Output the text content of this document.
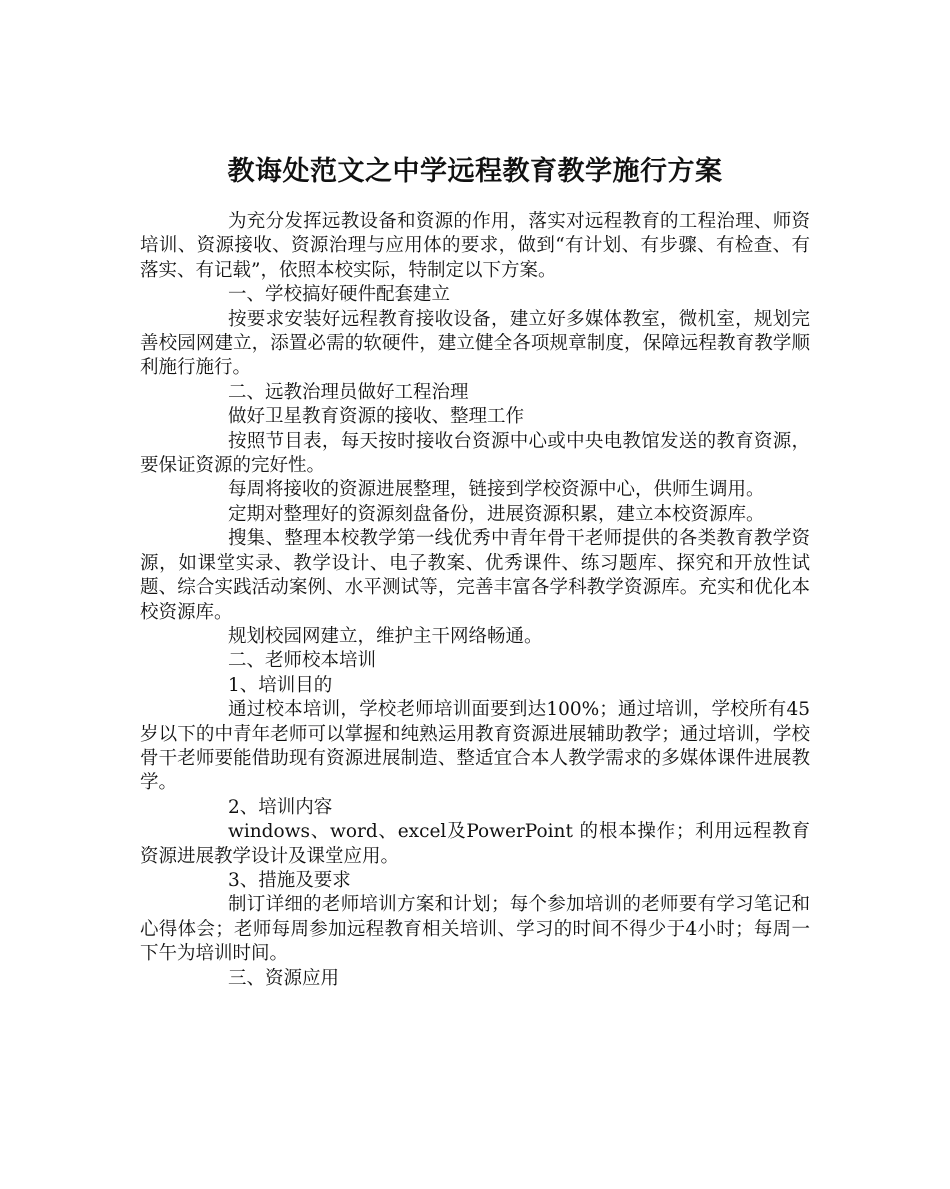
教诲处范文之中学远程教育教学施行方案

为充分发挥远教设备和资源的作用，落实对远程教育的工程治理、师资培训、资源接收、资源治理与应用体的要求，做到“有计划、有步骤、有检查、有落实、有记载”，依照本校实际，特制定以下方案。

一、学校搞好硬件配套建立

按要求安装好远程教育接收设备，建立好多媒体教室，微机室，规划完善校园网建立，添置必需的软硬件，建立健全各项规章制度，保障远程教育教学顺利施行施行。

二、远教治理员做好工程治理

做好卫星教育资源的接收、整理工作

按照节目表，每天按时接收台资源中心或中央电教馆发送的教育资源，要保证资源的完好性。

每周将接收的资源进展整理，链接到学校资源中心，供师生调用。

定期对整理好的资源刻盘备份，进展资源积累，建立本校资源库。

搜集、整理本校教学第一线优秀中青年骨干老师提供的各类教育教学资源，如课堂实录、教学设计、电子教案、优秀课件、练习题库、探究和开放性试题、综合实践活动案例、水平测试等，完善丰富各学科教学资源库。充实和优化本校资源库。

规划校园网建立，维护主干网络畅通。

二、老师校本培训

1、培训目的

通过校本培训，学校老师培训面要到达100%；通过培训，学校所有45岁以下的中青年老师可以掌握和纯熟运用教育资源进展辅助教学；通过培训，学校骨干老师要能借助现有资源进展制造、整适宜合本人教学需求的多媒体课件进展教学。

2、培训内容

windows、word、excel及PowerPoint 的根本操作；利用远程教育资源进展教学设计及课堂应用。

3、措施及要求

制订详细的老师培训方案和计划；每个参加培训的老师要有学习笔记和心得体会；老师每周参加远程教育相关培训、学习的时间不得少于4小时；每周一下午为培训时间。

三、资源应用
